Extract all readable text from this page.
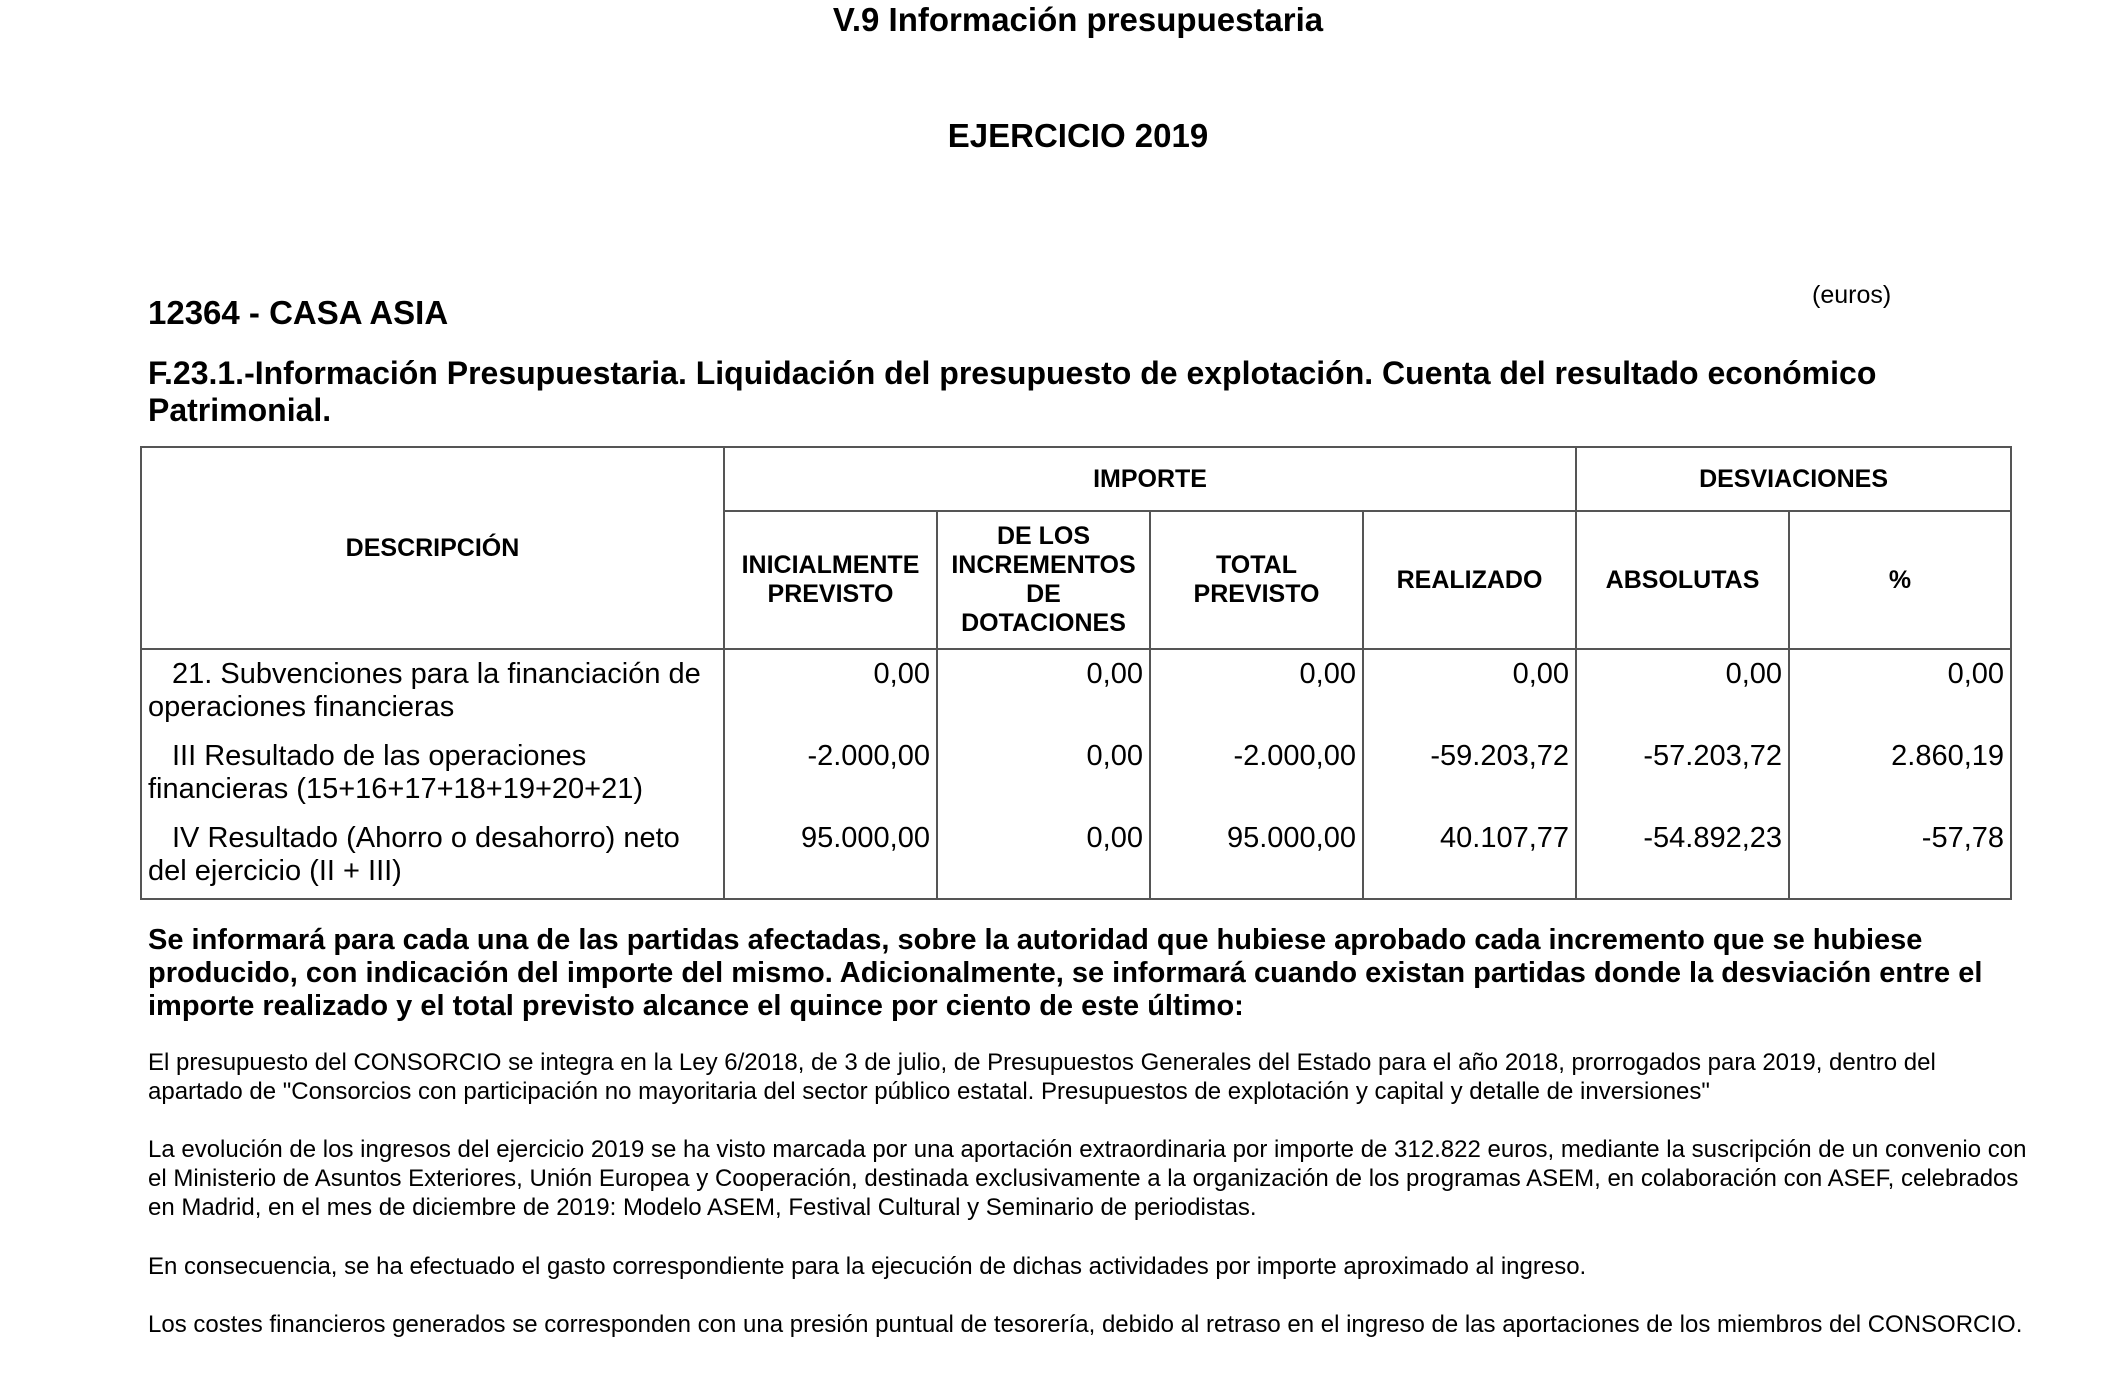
V.9 Información presupuestaria
EJERCICIO 2019
(euros)
12364 - CASA ASIA
F.23.1.-Información Presupuestaria. Liquidación del presupuesto de explotación. Cuenta del resultado económico Patrimonial.
DESCRIPCIÓN	IMPORTE				DESVIACIONES	
	INICIALMENTE PREVISTO	DE LOS INCREMENTOS DE DOTACIONES	TOTAL PREVISTO	REALIZADO	ABSOLUTAS	%
21. Subvenciones para la financiación de operaciones financieras	0,00	0,00	0,00	0,00	0,00	0,00
III Resultado de las operaciones financieras (15+16+17+18+19+20+21)	-2.000,00	0,00	-2.000,00	-59.203,72	-57.203,72	2.860,19
IV Resultado (Ahorro o desahorro) neto del ejercicio (II + III)	95.000,00	0,00	95.000,00	40.107,77	-54.892,23	-57,78
Se informará para cada una de las partidas afectadas, sobre la autoridad que hubiese aprobado cada incremento que se hubiese producido, con indicación del importe del mismo. Adicionalmente, se informará cuando existan partidas donde la desviación entre el importe realizado y el total previsto alcance el quince por ciento de este último:
El presupuesto del CONSORCIO se integra en la Ley 6/2018, de 3 de julio, de Presupuestos Generales del Estado para el año 2018, prorrogados para 2019, dentro del apartado de "Consorcios con participación no mayoritaria del sector público estatal. Presupuestos de explotación y capital y detalle de inversiones"
La evolución de los ingresos del ejercicio 2019 se ha visto marcada por una aportación extraordinaria por importe de 312.822 euros, mediante la suscripción de un convenio con el Ministerio de Asuntos Exteriores, Unión Europea y Cooperación, destinada exclusivamente a la organización de los programas ASEM, en colaboración con ASEF, celebrados en Madrid, en el mes de diciembre de 2019: Modelo ASEM, Festival Cultural y Seminario de periodistas.
En consecuencia, se ha efectuado el gasto correspondiente para la ejecución de dichas actividades por importe aproximado al ingreso.
Los costes financieros generados se corresponden con una presión puntual de tesorería, debido al retraso en el ingreso de las aportaciones de los miembros del CONSORCIO.
